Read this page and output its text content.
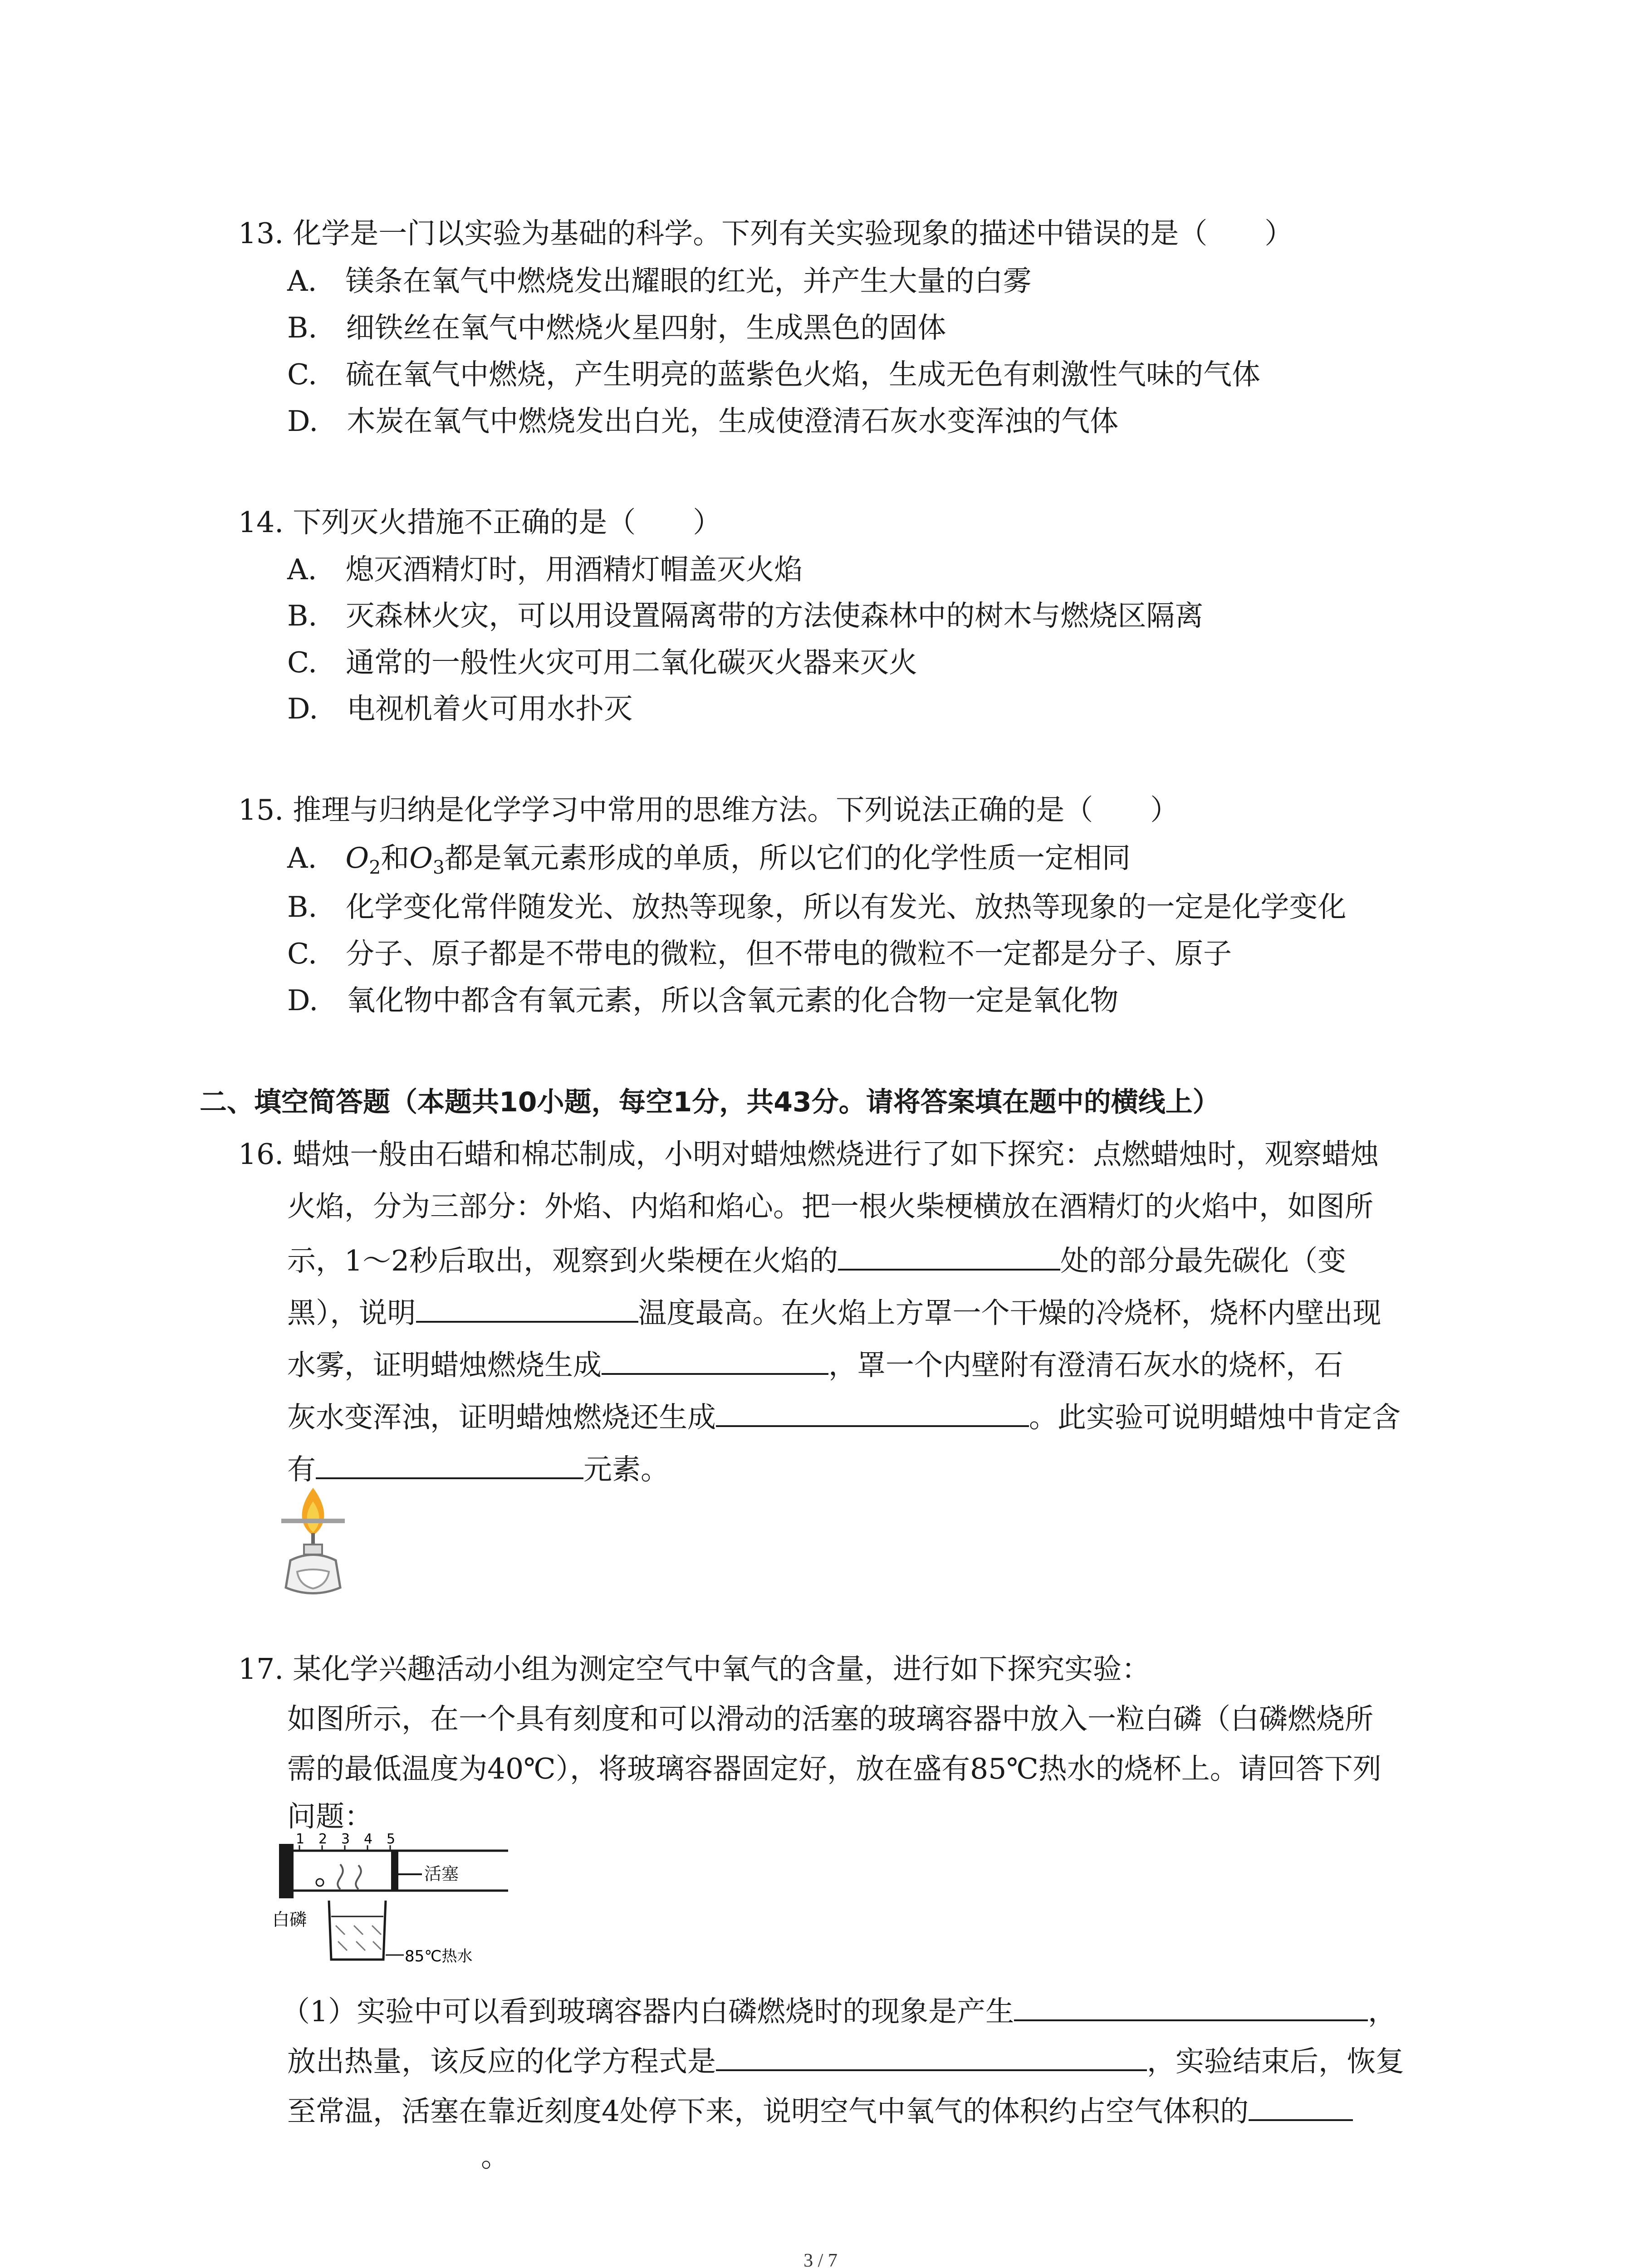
13. 化学是一门以实验为基础的科学。下列有关实验现象的描述中错误的是（　　）
A.　镁条在氧气中燃烧发出耀眼的红光，并产生大量的白雾
B.　细铁丝在氧气中燃烧火星四射，生成黑色的固体
C.　硫在氧气中燃烧，产生明亮的蓝紫色火焰，生成无色有刺激性气味的气体
D.　木炭在氧气中燃烧发出白光，生成使澄清石灰水变浑浊的气体
14. 下列灭火措施不正确的是（　　）
A.　熄灭酒精灯时，用酒精灯帽盖灭火焰
B.　灭森林火灾，可以用设置隔离带的方法使森林中的树木与燃烧区隔离
C.　通常的一般性火灾可用二氧化碳灭火器来灭火
D.　电视机着火可用水扑灭
15. 推理与归纳是化学学习中常用的思维方法。下列说法正确的是（　　）
A.　$O_2$和$O_3$都是氧元素形成的单质，所以它们的化学性质一定相同
B.　化学变化常伴随发光、放热等现象，所以有发光、放热等现象的一定是化学变化
C.　分子、原子都是不带电的微粒，但不带电的微粒不一定都是分子、原子
D.　氧化物中都含有氧元素，所以含氧元素的化合物一定是氧化物
二、填空简答题（本题共10小题，每空1分，共43分。请将答案填在题中的横线上）
16. 蜡烛一般由石蜡和棉芯制成，小明对蜡烛燃烧进行了如下探究：点燃蜡烛时，观察蜡烛
火焰，分为三部分：外焰、内焰和焰心。把一根火柴梗横放在酒精灯的火焰中，如图所
示，1～2秒后取出，观察到火柴梗在火焰的	处的部分最先碳化（变
黑），说明	温度最高。在火焰上方罩一个干燥的冷烧杯，烧杯内壁出现
水雾，证明蜡烛燃烧生成	，罩一个内壁附有澄清石灰水的烧杯，石
灰水变浑浊，证明蜡烛燃烧还生成	。此实验可说明蜡烛中肯定含
有	元素。
17. 某化学兴趣活动小组为测定空气中氧气的含量，进行如下探究实验：
如图所示，在一个具有刻度和可以滑动的活塞的玻璃容器中放入一粒白磷（白磷燃烧所
需的最低温度为40℃），将玻璃容器固定好，放在盛有85℃热水的烧杯上。请回答下列
问题：
活塞
1 2 3 4 5
白磷
85℃热水
（1）实验中可以看到玻璃容器内白磷燃烧时的现象是产生	，
放出热量，该反应的化学方程式是	，实验结束后，恢复
至常温，活塞在靠近刻度4处停下来，说明空气中氧气的体积约占空气体积的
。
3 / 7
